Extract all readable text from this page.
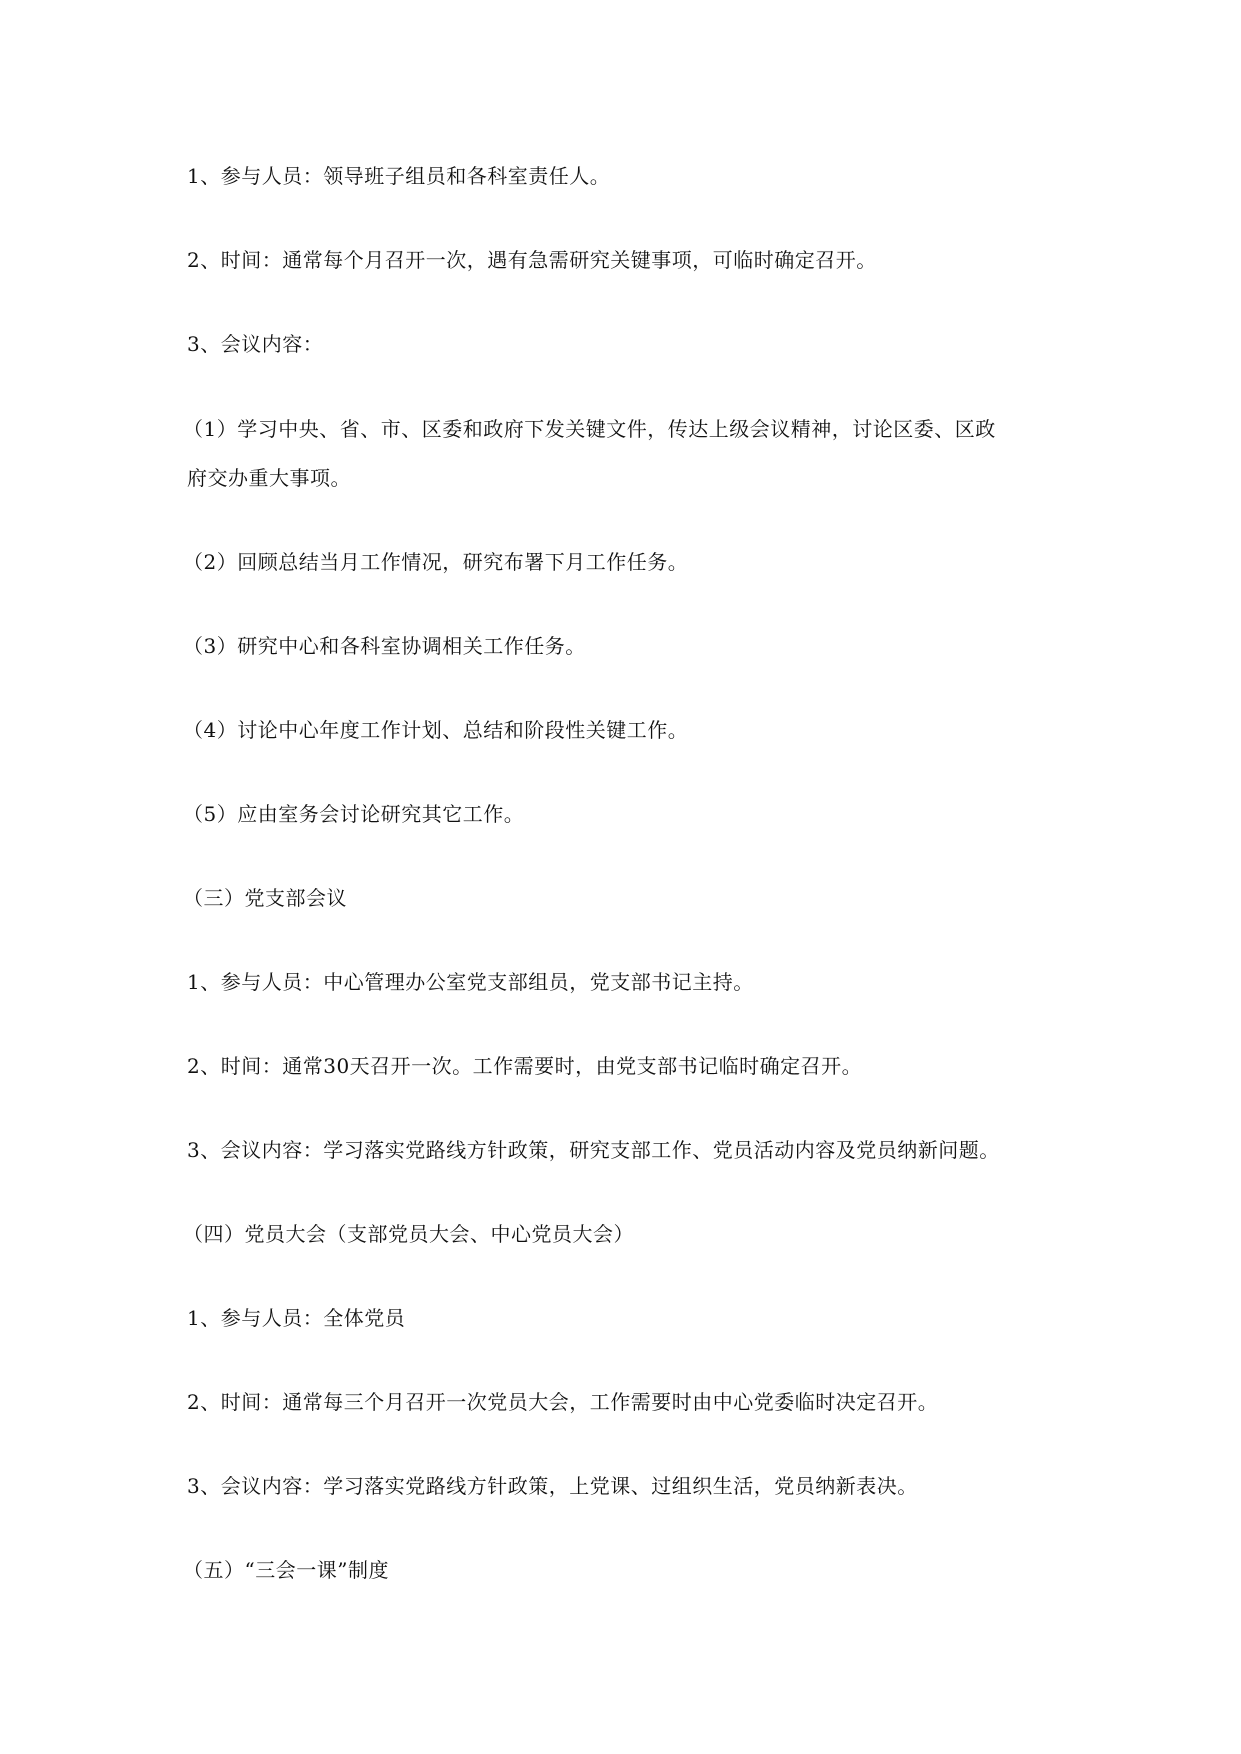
1、参与人员：领导班子组员和各科室责任人。

2、时间：通常每个月召开一次，遇有急需研究关键事项，可临时确定召开。

3、会议内容：

（1）学习中央、省、市、区委和政府下发关键文件，传达上级会议精神，讨论区委、区政

府交办重大事项。

（2）回顾总结当月工作情况，研究布署下月工作任务。

（3）研究中心和各科室协调相关工作任务。

（4）讨论中心年度工作计划、总结和阶段性关键工作。

（5）应由室务会讨论研究其它工作。

（三）党支部会议

1、参与人员：中心管理办公室党支部组员，党支部书记主持。

2、时间：通常30天召开一次。工作需要时，由党支部书记临时确定召开。

3、会议内容：学习落实党路线方针政策，研究支部工作、党员活动内容及党员纳新问题。

（四）党员大会（支部党员大会、中心党员大会）

1、参与人员：全体党员

2、时间：通常每三个月召开一次党员大会，工作需要时由中心党委临时决定召开。

3、会议内容：学习落实党路线方针政策，上党课、过组织生活，党员纳新表决。

（五）“三会一课”制度
